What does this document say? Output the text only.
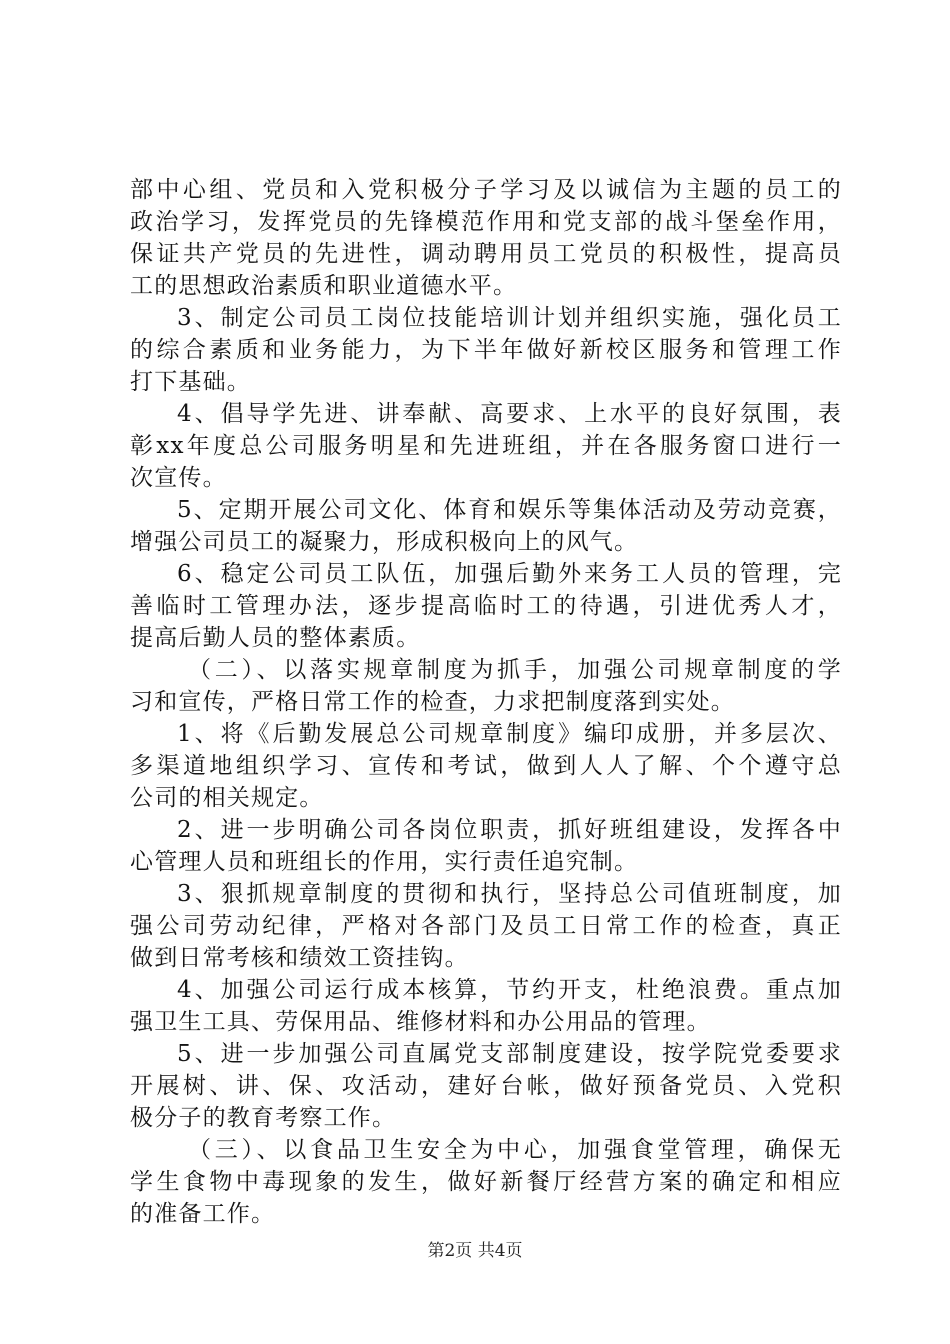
部中心组、党员和入党积极分子学习及以诚信为主题的员工的
政治学习，发挥党员的先锋模范作用和党支部的战斗堡垒作用，
保证共产党员的先进性，调动聘用员工党员的积极性，提高员
工的思想政治素质和职业道德水平。
3、制定公司员工岗位技能培训计划并组织实施，强化员工
的综合素质和业务能力，为下半年做好新校区服务和管理工作
打下基础。
4、倡导学先进、讲奉献、高要求、上水平的良好氛围，表
彰xx年度总公司服务明星和先进班组，并在各服务窗口进行一
次宣传。
5、定期开展公司文化、体育和娱乐等集体活动及劳动竞赛，
增强公司员工的凝聚力，形成积极向上的风气。
6、稳定公司员工队伍，加强后勤外来务工人员的管理，完
善临时工管理办法，逐步提高临时工的待遇，引进优秀人才，
提高后勤人员的整体素质。
（二）、以落实规章制度为抓手，加强公司规章制度的学
习和宣传，严格日常工作的检查，力求把制度落到实处。
1、将《后勤发展总公司规章制度》编印成册，并多层次、
多渠道地组织学习、宣传和考试，做到人人了解、个个遵守总
公司的相关规定。
2、进一步明确公司各岗位职责，抓好班组建设，发挥各中
心管理人员和班组长的作用，实行责任追究制。
3、狠抓规章制度的贯彻和执行，坚持总公司值班制度，加
强公司劳动纪律，严格对各部门及员工日常工作的检查，真正
做到日常考核和绩效工资挂钩。
4、加强公司运行成本核算，节约开支，杜绝浪费。重点加
强卫生工具、劳保用品、维修材料和办公用品的管理。
5、进一步加强公司直属党支部制度建设，按学院党委要求
开展树、讲、保、攻活动，建好台帐，做好预备党员、入党积
极分子的教育考察工作。
（三）、以食品卫生安全为中心，加强食堂管理，确保无
学生食物中毒现象的发生，做好新餐厅经营方案的确定和相应
的准备工作。
第2页 共4页
